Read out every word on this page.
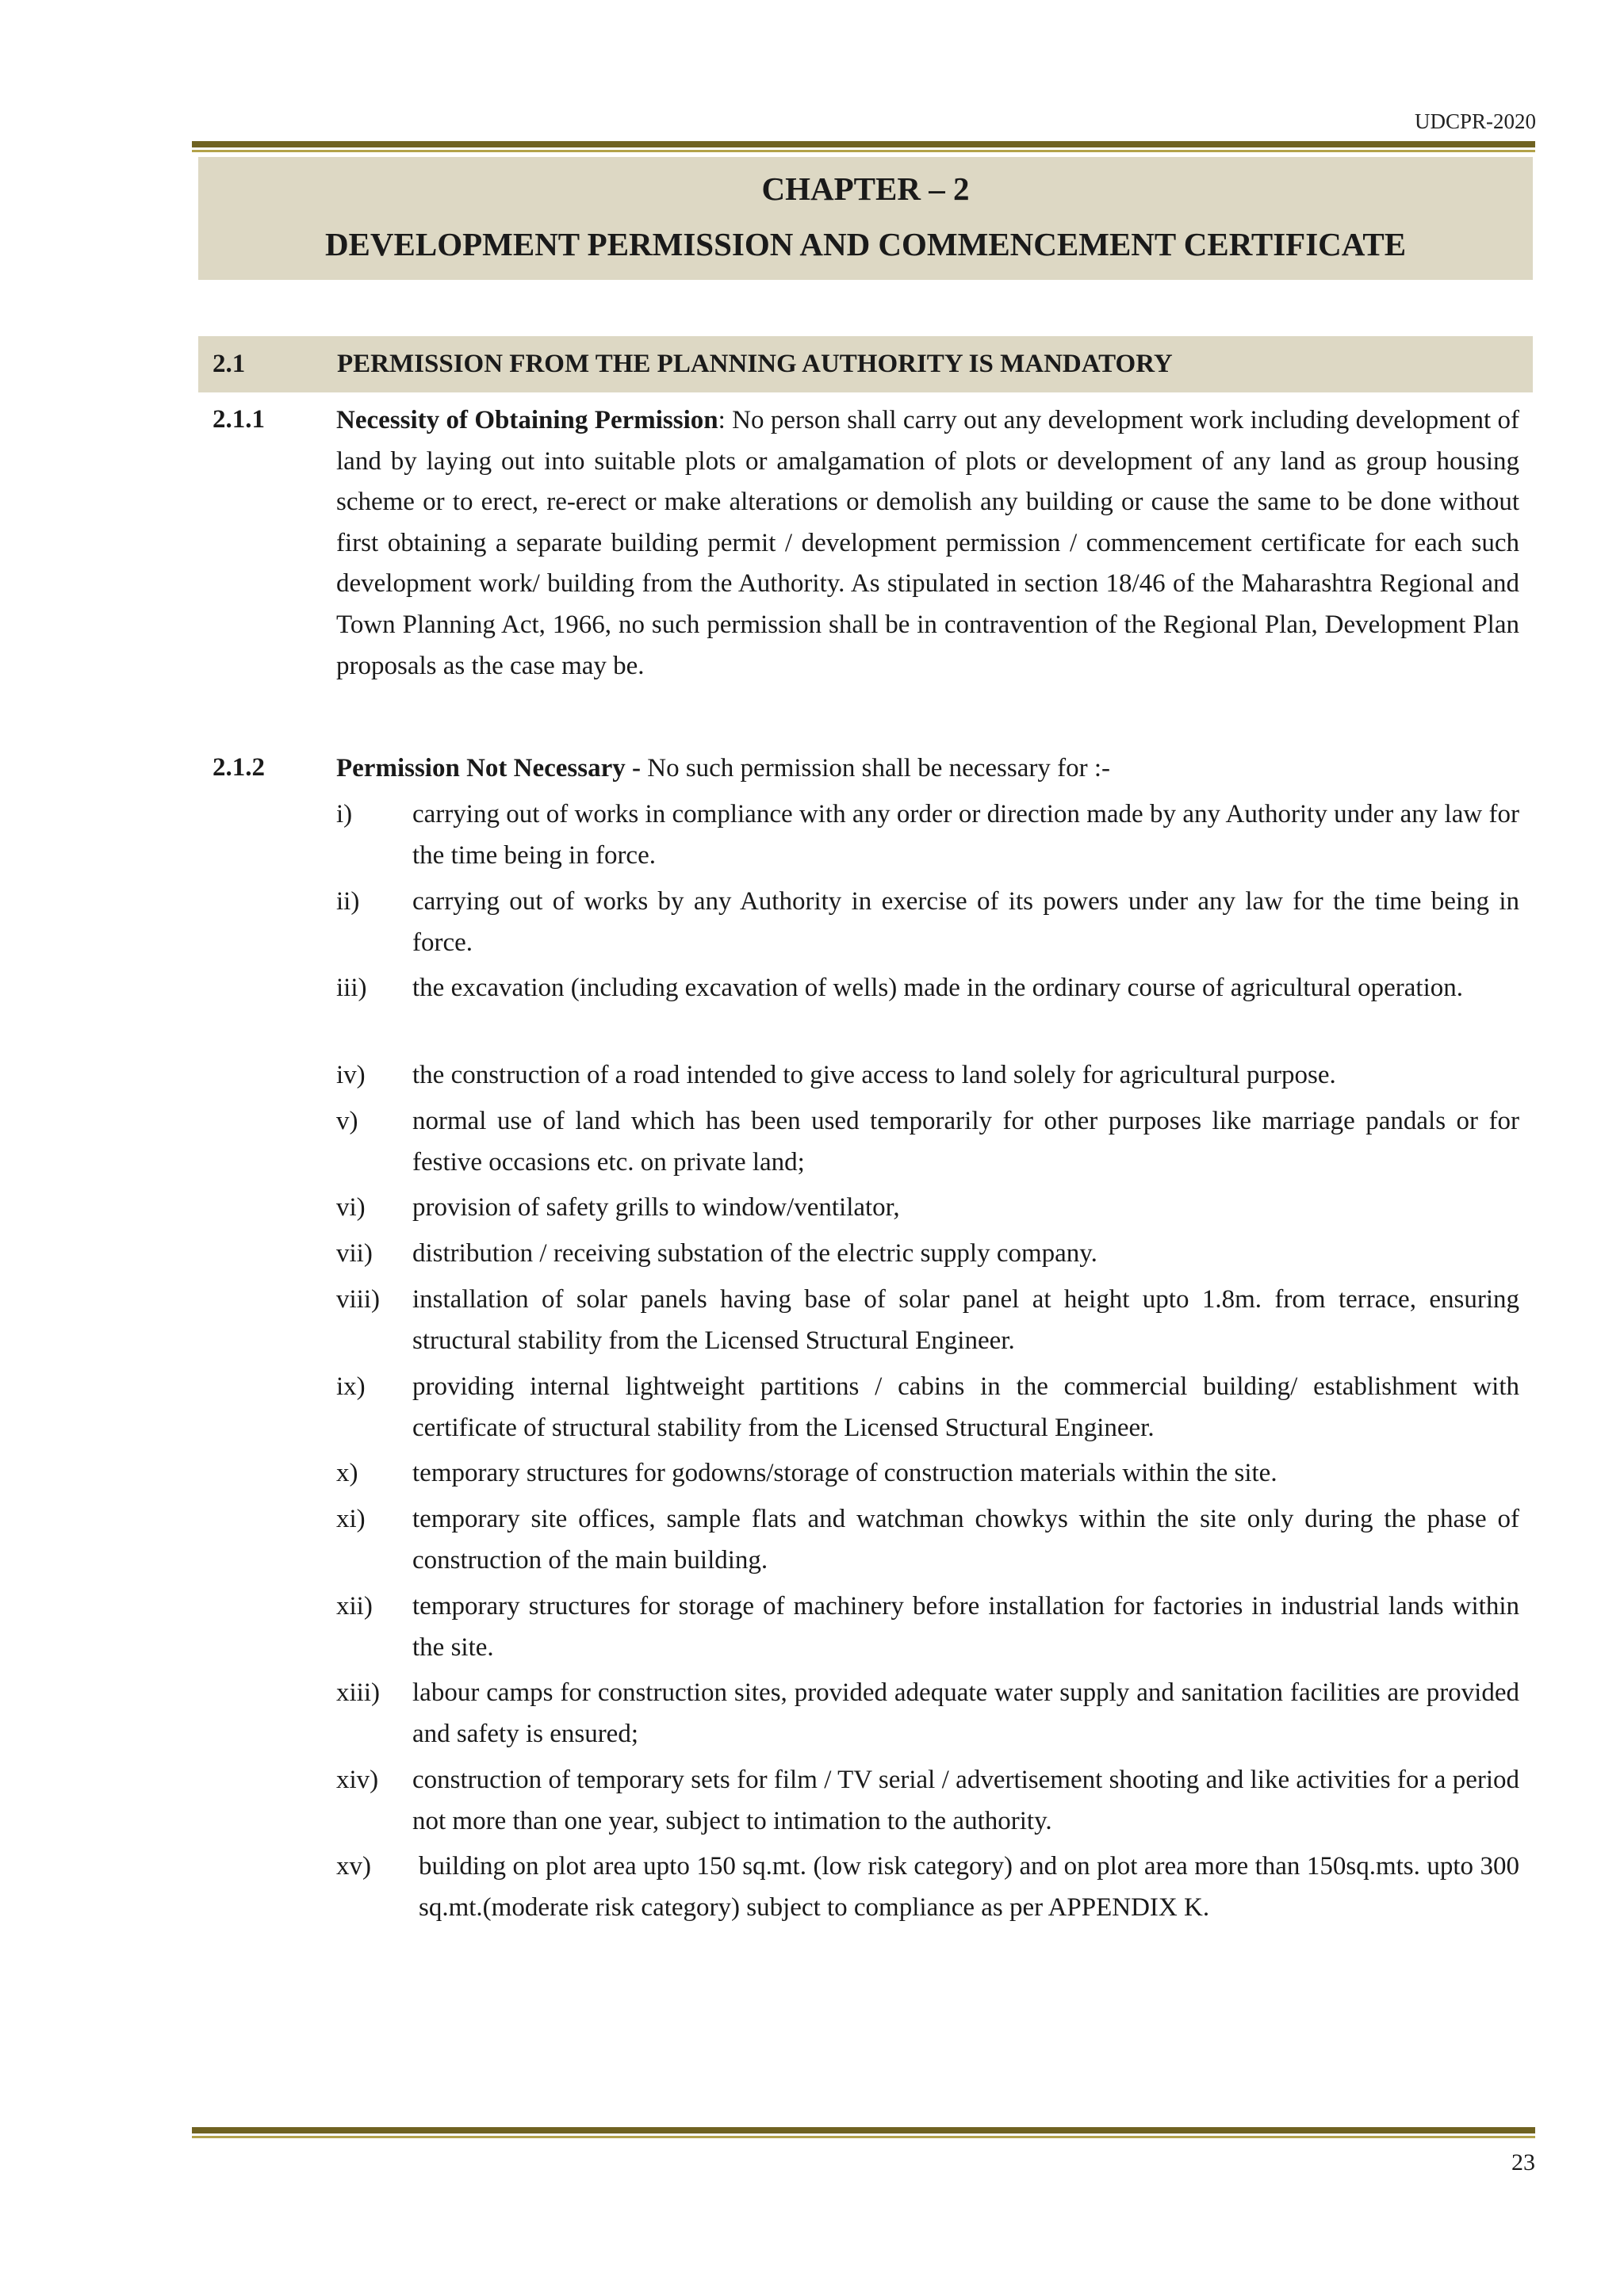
UDCPR-2020
CHAPTER – 2
DEVELOPMENT PERMISSION AND COMMENCEMENT CERTIFICATE
2.1	PERMISSION FROM THE PLANNING AUTHORITY IS MANDATORY
2.1.1	Necessity of Obtaining Permission: No person shall carry out any development work including development of land by laying out into suitable plots or amalgamation of plots or development of any land as group housing scheme or to erect, re-erect or make alterations or demolish any building or cause the same to be done without first obtaining a separate building permit / development permission / commencement certificate for each such development work/ building from the Authority. As stipulated in section 18/46 of the Maharashtra Regional and Town Planning Act, 1966, no such permission shall be in contravention of the Regional Plan, Development Plan proposals as the case may be.
2.1.2	Permission Not Necessary - No such permission shall be necessary for :-
i) carrying out of works in compliance with any order or direction made by any Authority under any law for the time being in force.
ii) carrying out of works by any Authority in exercise of its powers under any law for the time being in force.
iii) the excavation (including excavation of wells) made in the ordinary course of agricultural operation.
iv) the construction of a road intended to give access to land solely for agricultural purpose.
v) normal use of land which has been used temporarily for other purposes like marriage pandals or for festive occasions etc. on private land;
vi) provision of safety grills to window/ventilator,
vii) distribution / receiving substation of the electric supply company.
viii) installation of solar panels having base of solar panel at height upto 1.8m. from terrace, ensuring structural stability from the Licensed Structural Engineer.
ix) providing internal lightweight partitions / cabins in the commercial building/ establishment with certificate of structural stability from the Licensed Structural Engineer.
x) temporary structures for godowns/storage of construction materials within the site.
xi) temporary site offices, sample flats and watchman chowkys within the site only during the phase of construction of the main building.
xii) temporary structures for storage of machinery before installation for factories in industrial lands within the site.
xiii) labour camps for construction sites, provided adequate water supply and sanitation facilities are provided and safety is ensured;
xiv) construction of temporary sets for film / TV serial / advertisement shooting and like activities for a period not more than one year, subject to intimation to the authority.
xv) building on plot area upto 150 sq.mt. (low risk category) and on plot area more than 150sq.mts. upto 300 sq.mt.(moderate risk category) subject to compliance as per APPENDIX K.
23
